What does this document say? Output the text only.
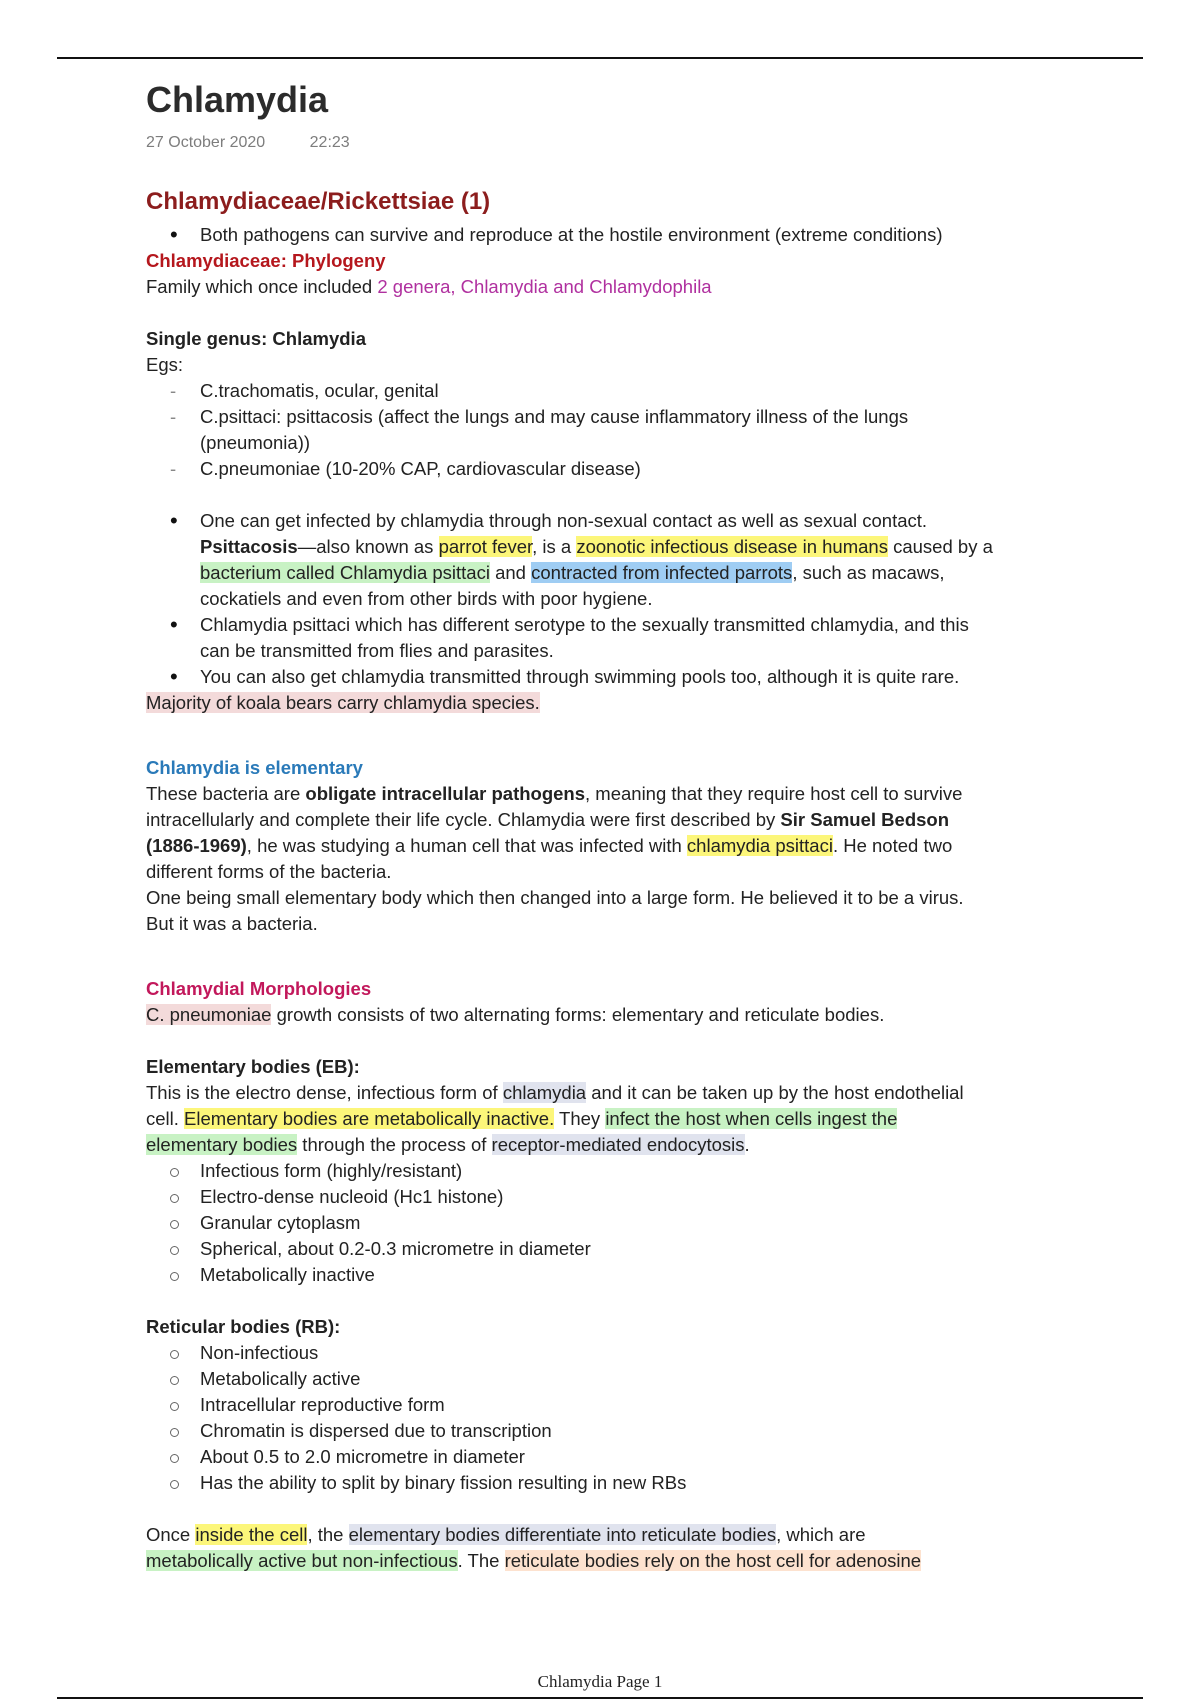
Chlamydia
27 October 2020	22:23
Chlamydiaceae/Rickettsiae (1)
•
Both pathogens can survive and reproduce at the hostile environment (extreme conditions)
Chlamydiaceae: Phylogeny
Family which once included 2 genera, Chlamydia and Chlamydophila
Single genus: Chlamydia
Egs:
-
C.trachomatis, ocular, genital
-
C.psittaci: psittacosis (affect the lungs and may cause inflammatory illness of the lungs
(pneumonia))
-
C.pneumoniae (10-20% CAP, cardiovascular disease)
•
One can get infected by chlamydia through non-sexual contact as well as sexual contact.
Psittacosis—also known as parrot fever, is a zoonotic infectious disease in humans caused by a
bacterium called Chlamydia psittaci and contracted from infected parrots, such as macaws,
cockatiels and even from other birds with poor hygiene.
•
Chlamydia psittaci which has different serotype to the sexually transmitted chlamydia, and this
can be transmitted from flies and parasites.
•
You can also get chlamydia transmitted through swimming pools too, although it is quite rare.
Majority of koala bears carry chlamydia species.
Chlamydia is elementary
These bacteria are obligate intracellular pathogens, meaning that they require host cell to survive
intracellularly and complete their life cycle. Chlamydia were first described by Sir Samuel Bedson
(1886-1969), he was studying a human cell that was infected with chlamydia psittaci. He noted two
different forms of the bacteria.
One being small elementary body which then changed into a large form. He believed it to be a virus.
But it was a bacteria.
Chlamydial Morphologies
C. pneumoniae growth consists of two alternating forms: elementary and reticulate bodies.
Elementary bodies (EB):
This is the electro dense, infectious form of chlamydia and it can be taken up by the host endothelial
cell. Elementary bodies are metabolically inactive. They infect the host when cells ingest the
elementary bodies through the process of receptor-mediated endocytosis.
Infectious form (highly/resistant)
Electro-dense nucleoid (Hc1 histone)
Granular cytoplasm
Spherical, about 0.2-0.3 micrometre in diameter
Metabolically inactive
Reticular bodies (RB):
Non-infectious
Metabolically active
Intracellular reproductive form
Chromatin is dispersed due to transcription
About 0.5 to 2.0 micrometre in diameter
Has the ability to split by binary fission resulting in new RBs
Once inside the cell, the elementary bodies differentiate into reticulate bodies, which are
metabolically active but non-infectious. The reticulate bodies rely on the host cell for adenosine
Chlamydia Page 1
